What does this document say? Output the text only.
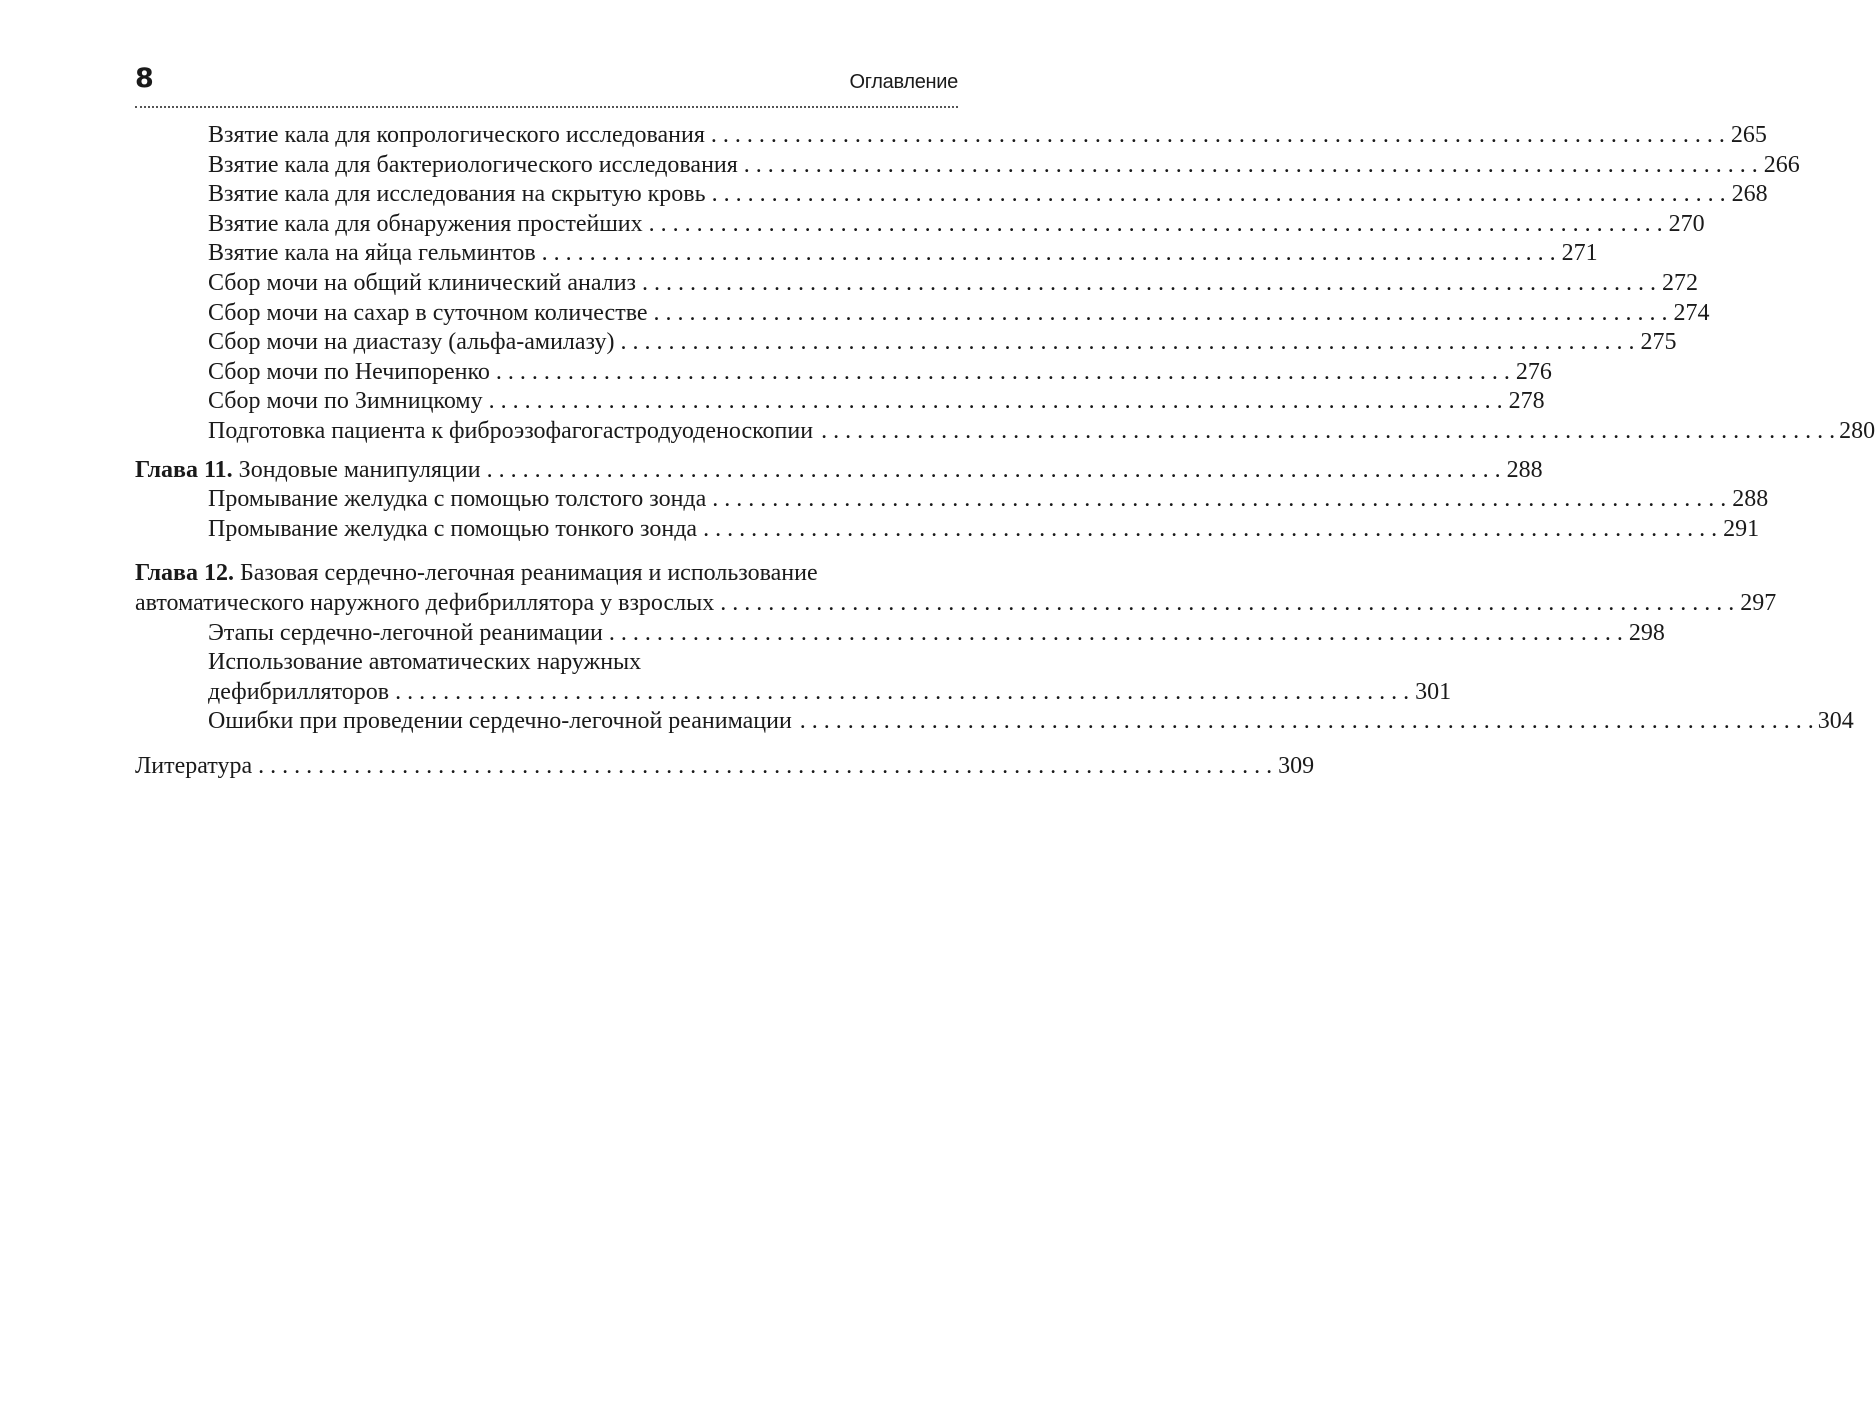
8	Оглавление
Взятие кала для копрологического исследования . . .	265
Взятие кала для бактериологического исследования . . .	266
Взятие кала для исследования на скрытую кровь . . .	268
Взятие кала для обнаружения простейших . . .	270
Взятие кала на яйца гельминтов . . .	271
Сбор мочи на общий клинический анализ . . .	272
Сбор мочи на сахар в суточном количестве . . .	274
Сбор мочи на диастазу (альфа-амилазу) . . .	275
Сбор мочи по Нечипоренко . . .	276
Сбор мочи по Зимницкому . . .	278
Подготовка пациента к фиброэзофагогастродуоденоскопии . . .	280
Глава 11. Зондовые манипуляции . . .	288
Промывание желудка с помощью толстого зонда . . .	288
Промывание желудка с помощью тонкого зонда . . .	291
Глава 12. Базовая сердечно-легочная реанимация и использование
автоматического наружного дефибриллятора у взрослых . . .	297
Этапы сердечно-легочной реанимации . . .	298
Использование автоматических наружных
дефибрилляторов . . .	301
Ошибки при проведении сердечно-легочной реанимации . . .	304
Литература . . .	309
